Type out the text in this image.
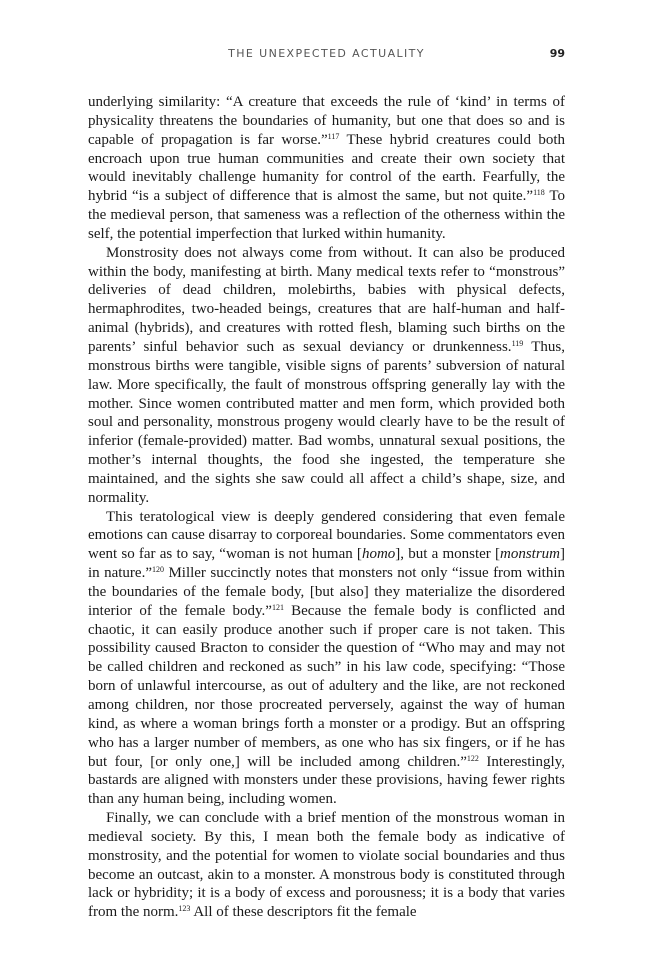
THE UNEXPECTED ACTUALITY	99

underlying similarity: “A creature that exceeds the rule of ‘kind’ in terms of physicality threatens the boundaries of humanity, but one that does so and is capable of propagation is far worse.”$^{117}$ These hybrid creatures could both encroach upon true human communities and create their own society that would inevitably challenge humanity for control of the earth. Fearfully, the hybrid “is a subject of difference that is almost the same, but not quite.”$^{118}$ To the medieval person, that sameness was a reflection of the otherness within the self, the potential imperfection that lurked within humanity.

Monstrosity does not always come from without. It can also be produced within the body, manifesting at birth. Many medical texts refer to “monstrous” deliveries of dead children, molebirths, babies with physical defects, hermaphrodites, two-headed beings, creatures that are half-human and half-animal (hybrids), and creatures with rotted flesh, blaming such births on the parents’ sinful behavior such as sexual deviancy or drunkenness.$^{119}$ Thus, monstrous births were tangible, visible signs of parents’ subversion of natural law. More specifically, the fault of monstrous offspring generally lay with the mother. Since women contributed matter and men form, which provided both soul and personality, monstrous progeny would clearly have to be the result of inferior (female-provided) matter. Bad wombs, unnatural sexual positions, the mother’s internal thoughts, the food she ingested, the temperature she maintained, and the sights she saw could all affect a child’s shape, size, and normality.

This teratological view is deeply gendered considering that even female emotions can cause disarray to corporeal boundaries. Some commentators even went so far as to say, “woman is not human [homo], but a monster [monstrum] in nature.”$^{120}$ Miller succinctly notes that monsters not only “issue from within the boundaries of the female body, [but also] they materialize the disordered interior of the female body.”$^{121}$ Because the female body is conflicted and chaotic, it can easily produce another such if proper care is not taken. This possibility caused Bracton to consider the question of “Who may and may not be called children and reckoned as such” in his law code, specifying: “Those born of unlawful intercourse, as out of adultery and the like, are not reckoned among children, nor those procreated perversely, against the way of human kind, as where a woman brings forth a monster or a prodigy. But an offspring who has a larger number of members, as one who has six fingers, or if he has but four, [or only one,] will be included among children.”$^{122}$ Interestingly, bastards are aligned with monsters under these provisions, having fewer rights than any human being, including women.

Finally, we can conclude with a brief mention of the monstrous woman in medieval society. By this, I mean both the female body as indicative of monstrosity, and the potential for women to violate social boundaries and thus become an outcast, akin to a monster. A monstrous body is constituted through lack or hybridity; it is a body of excess and porousness; it is a body that varies from the norm.$^{123}$ All of these descriptors fit the female
